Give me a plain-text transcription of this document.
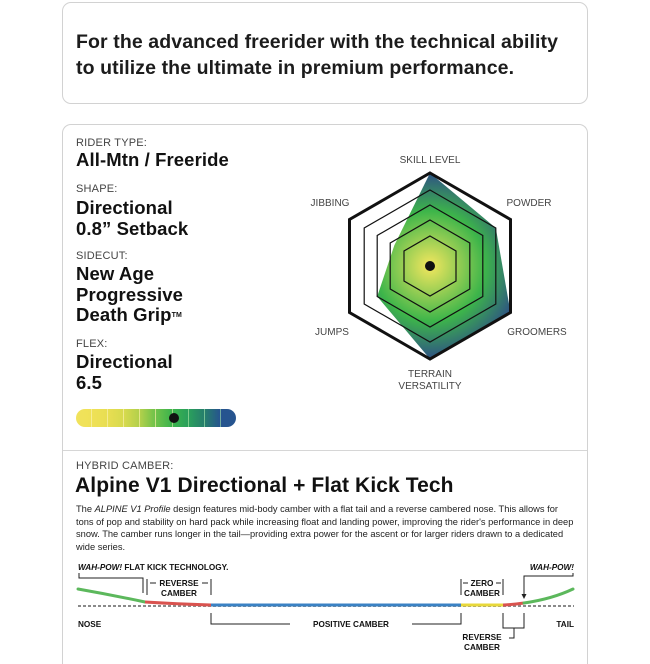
For the advanced freerider with the technical ability
to utilize the ultimate in premium performance.
RIDER TYPE:
All-Mtn / Freeride
SHAPE:
Directional
0.8” Setback
SIDECUT:
New Age
Progressive
Death Grip™
FLEX:
Directional
6.5
SKILL LEVEL
POWDER
GROOMERS
TERRAIN
VERSATILITY
JUMPS
JIBBING
HYBRID CAMBER:
Alpine V1 Directional + Flat Kick Tech
The ALPINE V1 Profile design features mid-body camber with a flat tail and a reverse cambered nose. This allows for tons of pop and stability on hard pack while increasing float and landing power, improving the rider's performance in deep snow. The camber runs longer in the tail—providing extra power for the ascent or for larger riders drawn to a dedicated wide series.
WAH-POW! FLAT KICK TECHNOLOGY.
REVERSE
CAMBER
ZERO
CAMBER
WAH-POW!
NOSE	TAIL
POSITIVE CAMBER
REVERSE
CAMBER
